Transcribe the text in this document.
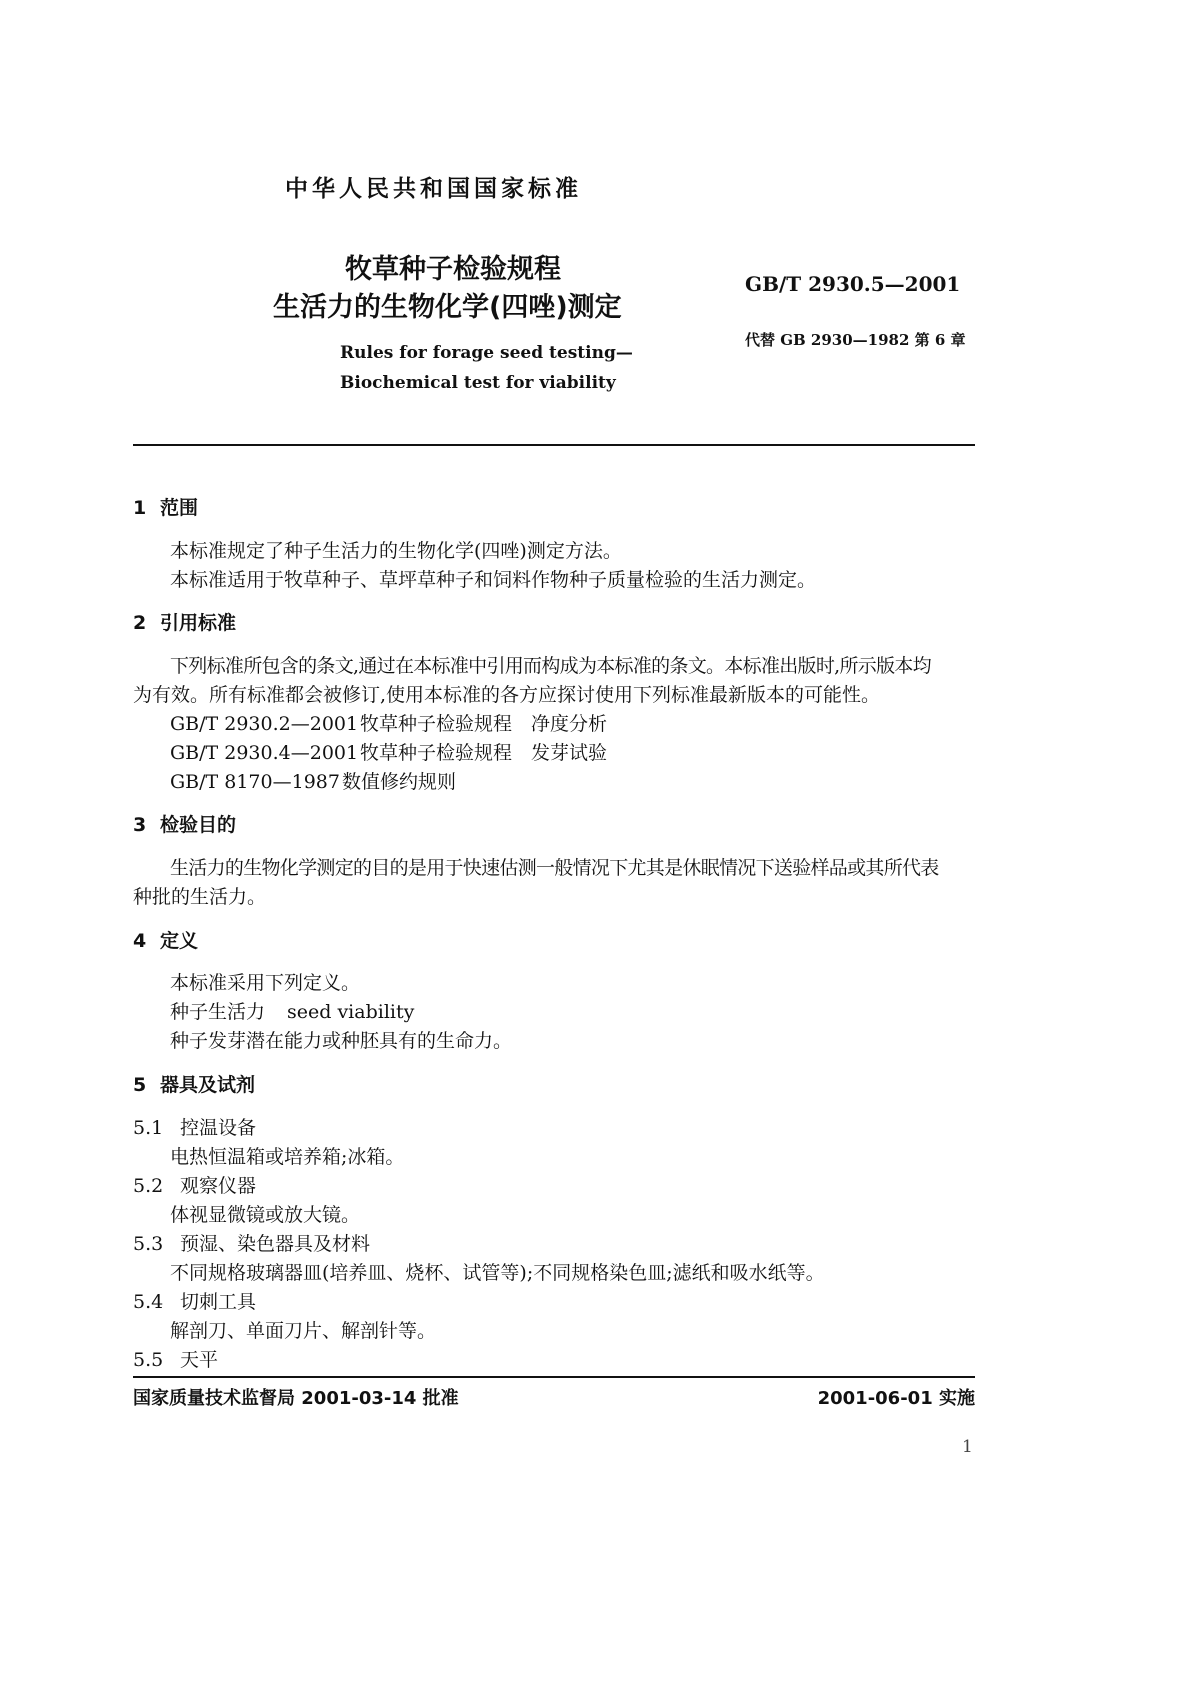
中华人民共和国国家标准
牧草种子检验规程
生活力的生物化学(四唑)测定
GB/T 2930.5—2001
代替 GB 2930—1982 第 6 章
Rules for forage seed testing—
Biochemical test for viability
1 范围
本标准规定了种子生活力的生物化学(四唑)测定方法。
本标准适用于牧草种子、草坪草种子和饲料作物种子质量检验的生活力测定。
2 引用标准
下列标准所包含的条文,通过在本标准中引用而构成为本标准的条文。本标准出版时,所示版本均
为有效。所有标准都会被修订,使用本标准的各方应探讨使用下列标准最新版本的可能性。
GB/T 2930.2—2001 牧草种子检验规程　净度分析
GB/T 2930.4—2001 牧草种子检验规程　发芽试验
GB/T 8170—1987 数值修约规则
3 检验目的
生活力的生物化学测定的目的是用于快速估测一般情况下尤其是休眠情况下送验样品或其所代表
种批的生活力。
4 定义
本标准采用下列定义。
种子生活力 seed viability
种子发芽潜在能力或种胚具有的生命力。
5 器具及试剂
5.1 控温设备
电热恒温箱或培养箱;冰箱。
5.2 观察仪器
体视显微镜或放大镜。
5.3 预湿、染色器具及材料
不同规格玻璃器皿(培养皿、烧杯、试管等);不同规格染色皿;滤纸和吸水纸等。
5.4 切刺工具
解剖刀、单面刀片、解剖针等。
5.5 天平
国家质量技术监督局 2001-03-14 批准	2001-06-01 实施
1
